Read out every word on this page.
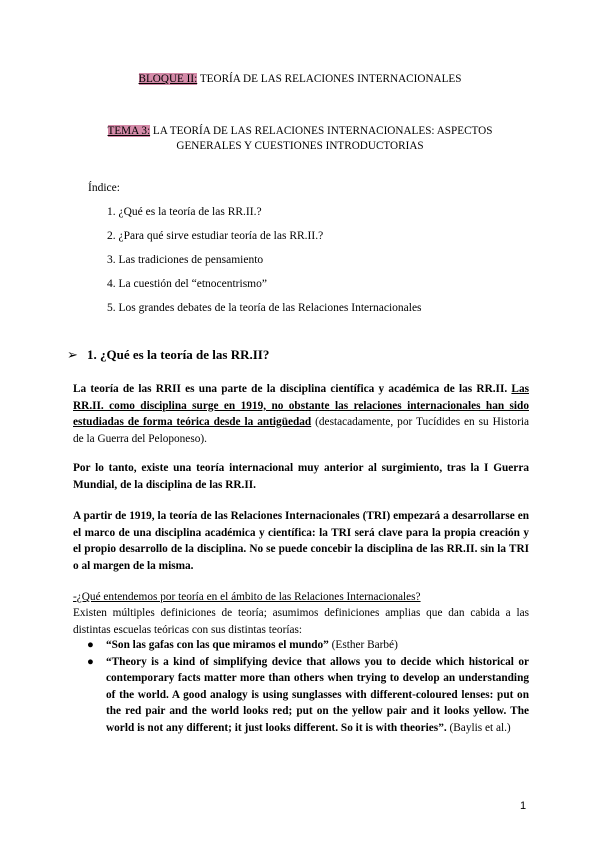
BLOQUE II: TEORÍA DE LAS RELACIONES INTERNACIONALES
TEMA 3: LA TEORÍA DE LAS RELACIONES INTERNACIONALES: ASPECTOS GENERALES Y CUESTIONES INTRODUCTORIAS
Índice:
1. ¿Qué es la teoría de las RR.II.?
2. ¿Para qué sirve estudiar teoría de las RR.II.?
3. Las tradiciones de pensamiento
4. La cuestión del “etnocentrismo”
5. Los grandes debates de la teoría de las Relaciones Internacionales
➢ 1. ¿Qué es la teoría de las RR.II?
La teoría de las RRII es una parte de la disciplina científica y académica de las RR.II. Las RR.II. como disciplina surge en 1919, no obstante las relaciones internacionales han sido estudiadas de forma teórica desde la antigüedad (destacadamente, por Tucídides en su Historia de la Guerra del Peloponeso).
Por lo tanto, existe una teoría internacional muy anterior al surgimiento, tras la I Guerra Mundial, de la disciplina de las RR.II.
A partir de 1919, la teoría de las Relaciones Internacionales (TRI) empezará a desarrollarse en el marco de una disciplina académica y científica: la TRI será clave para la propia creación y el propio desarrollo de la disciplina. No se puede concebir la disciplina de las RR.II. sin la TRI o al margen de la misma.
-¿Qué entendemos por teoría en el ámbito de las Relaciones Internacionales?
Existen múltiples definiciones de teoría; asumimos definiciones amplias que dan cabida a las distintas escuelas teóricas con sus distintas teorías:
● “Son las gafas con las que miramos el mundo” (Esther Barbé)
● “Theory is a kind of simplifying device that allows you to decide which historical or contemporary facts matter more than others when trying to develop an understanding of the world. A good analogy is using sunglasses with different-coloured lenses: put on the red pair and the world looks red; put on the yellow pair and it looks yellow. The world is not any different; it just looks different. So it is with theories”. (Baylis et al.)
1
